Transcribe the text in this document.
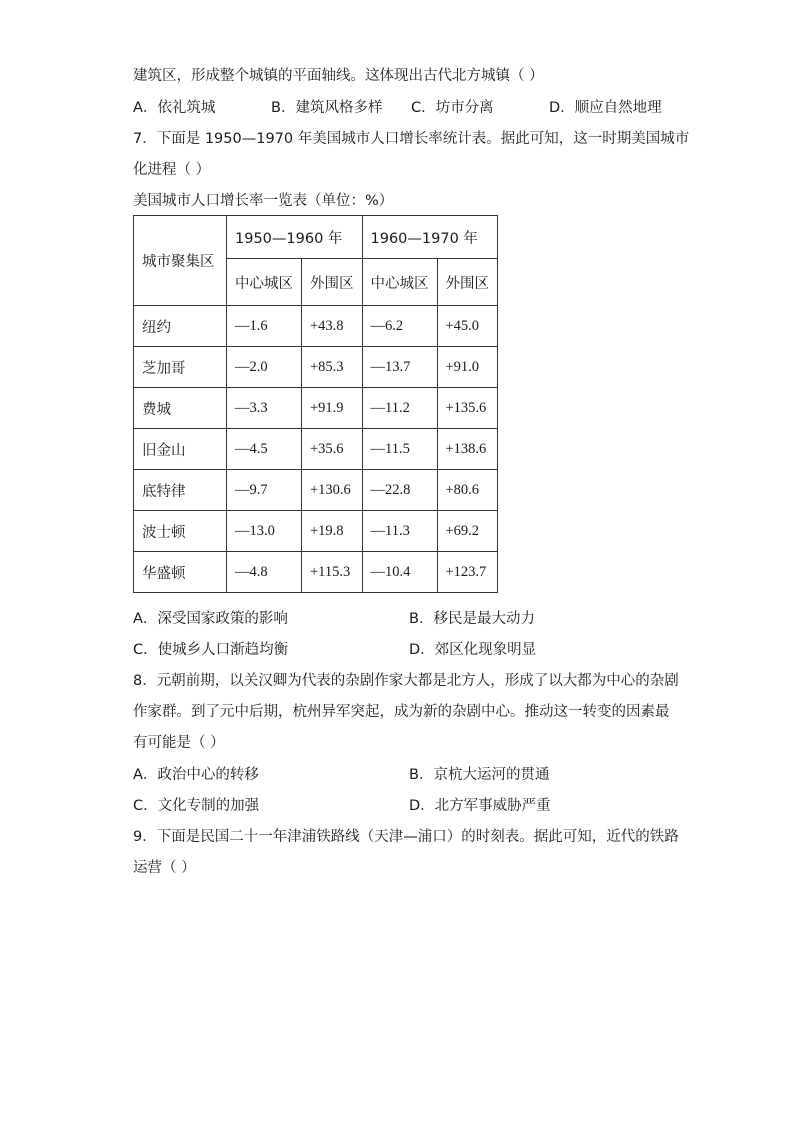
建筑区，形成整个城镇的平面轴线。这体现出古代北方城镇（ ）
A．依礼筑城	B．建筑风格多样 C．坊市分离	D．顺应自然地理
7．下面是 1950—1970 年美国城市人口增长率统计表。据此可知，这一时期美国城市
化进程（ ）
美国城市人口增长率一览表（单位：%）
城市聚集区	1950—1960 年		1960—1970 年	
	中心城区	外围区	中心城区	外围区
纽约	—1.6	+43.8	—6.2	+45.0
芝加哥	—2.0	+85.3	—13.7	+91.0
费城	—3.3	+91.9	—11.2	+135.6
旧金山	—4.5	+35.6	—11.5	+138.6
底特律	—9.7	+130.6	—22.8	+80.6
波士顿	—13.0	+19.8	—11.3	+69.2
华盛顿	—4.8	+115.3	—10.4	+123.7
A．深受国家政策的影响	B．移民是最大动力
C．使城乡人口渐趋均衡	D．郊区化现象明显
8．元朝前期，以关汉卿为代表的杂剧作家大都是北方人，形成了以大都为中心的杂剧
作家群。到了元中后期，杭州异军突起，成为新的杂剧中心。推动这一转变的因素最
有可能是（ ）
A．政治中心的转移	B．京杭大运河的贯通
C．文化专制的加强	D．北方军事威胁严重
9．下面是民国二十一年津浦铁路线（天津—浦口）的时刻表。据此可知，近代的铁路
运营（ ）
